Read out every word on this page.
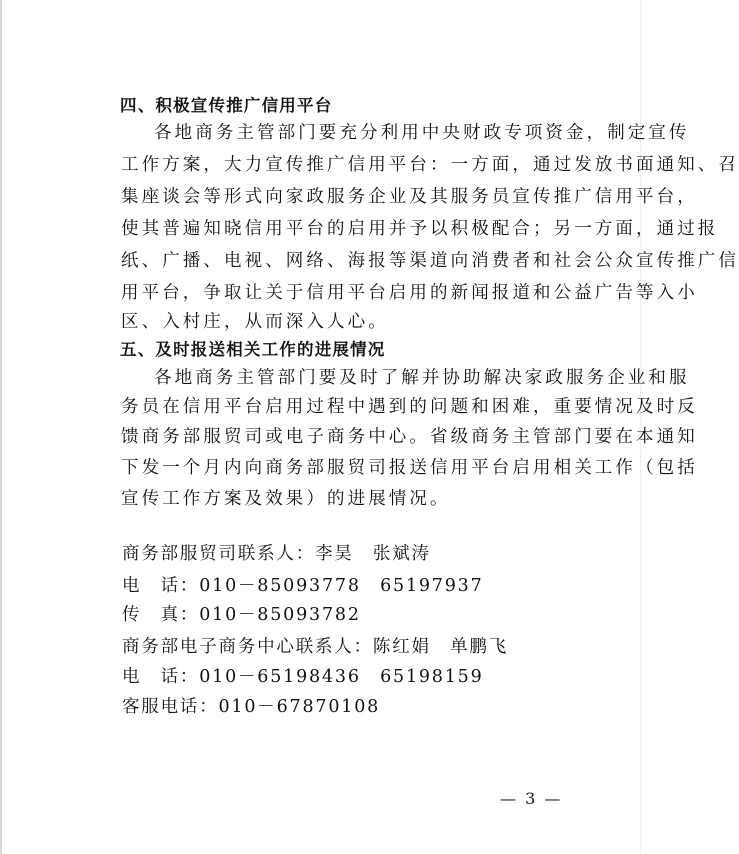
四、积极宣传推广信用平台
各地商务主管部门要充分利用中央财政专项资金，制定宣传
工作方案，大力宣传推广信用平台：一方面，通过发放书面通知、召
集座谈会等形式向家政服务企业及其服务员宣传推广信用平台，
使其普遍知晓信用平台的启用并予以积极配合；另一方面，通过报
纸、广播、电视、网络、海报等渠道向消费者和社会公众宣传推广信
用平台，争取让关于信用平台启用的新闻报道和公益广告等入小
区、入村庄，从而深入人心。
五、及时报送相关工作的进展情况
各地商务主管部门要及时了解并协助解决家政服务企业和服
务员在信用平台启用过程中遇到的问题和困难，重要情况及时反
馈商务部服贸司或电子商务中心。省级商务主管部门要在本通知
下发一个月内向商务部服贸司报送信用平台启用相关工作（包括
宣传工作方案及效果）的进展情况。
商务部服贸司联系人：李昊　张斌涛
电　话：010－85093778　65197937
传　真：010－85093782
商务部电子商务中心联系人：陈红娟　单鹏飞
电　话：010－65198436　65198159
客服电话：010－67870108
— 3 —
